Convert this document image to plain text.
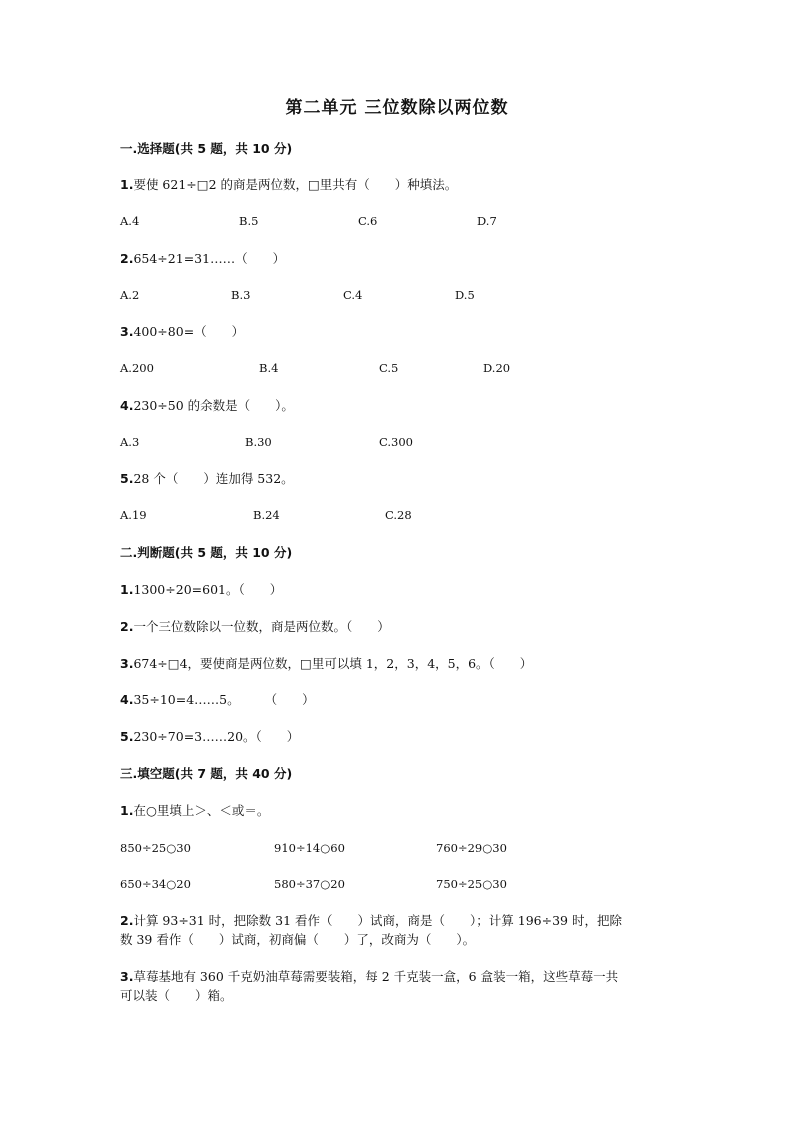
第二单元 三位数除以两位数
一.选择题(共 5 题，共 10 分)
1.要使 621÷□2 的商是两位数，□里共有（　　）种填法。
A.4	B.5	C.6	D.7
2.654÷21=31……（　　）
A.2	B.3	C.4	D.5
3.400÷80=（　　）
A.200	B.4	C.5	D.20
4.230÷50 的余数是（　　）。
A.3	B.30	C.300
5.28 个（　　）连加得 532。
A.19	B.24	C.28
二.判断题(共 5 题，共 10 分)
1.1300÷20=601。（　　）
2.一个三位数除以一位数，商是两位数。（　　）
3.674÷□4，要使商是两位数，□里可以填 1，2，3，4，5，6。（　　）
4.35÷10=4……5。　　　（　　）
5.230÷70=3……20。（　　）
三.填空题(共 7 题，共 40 分)
1.在○里填上＞、＜或＝。
850÷25○30	910÷14○60	760÷29○30
650÷34○20	580÷37○20	750÷25○30
2.计算 93÷31 时，把除数 31 看作（　　）试商，商是（　　）；计算 196÷39 时，把除
数 39 看作（　　）试商，初商偏（　　）了，改商为（　　）。
3.草莓基地有 360 千克奶油草莓需要装箱，每 2 千克装一盒，6 盒装一箱，这些草莓一共
可以装（　　）箱。
